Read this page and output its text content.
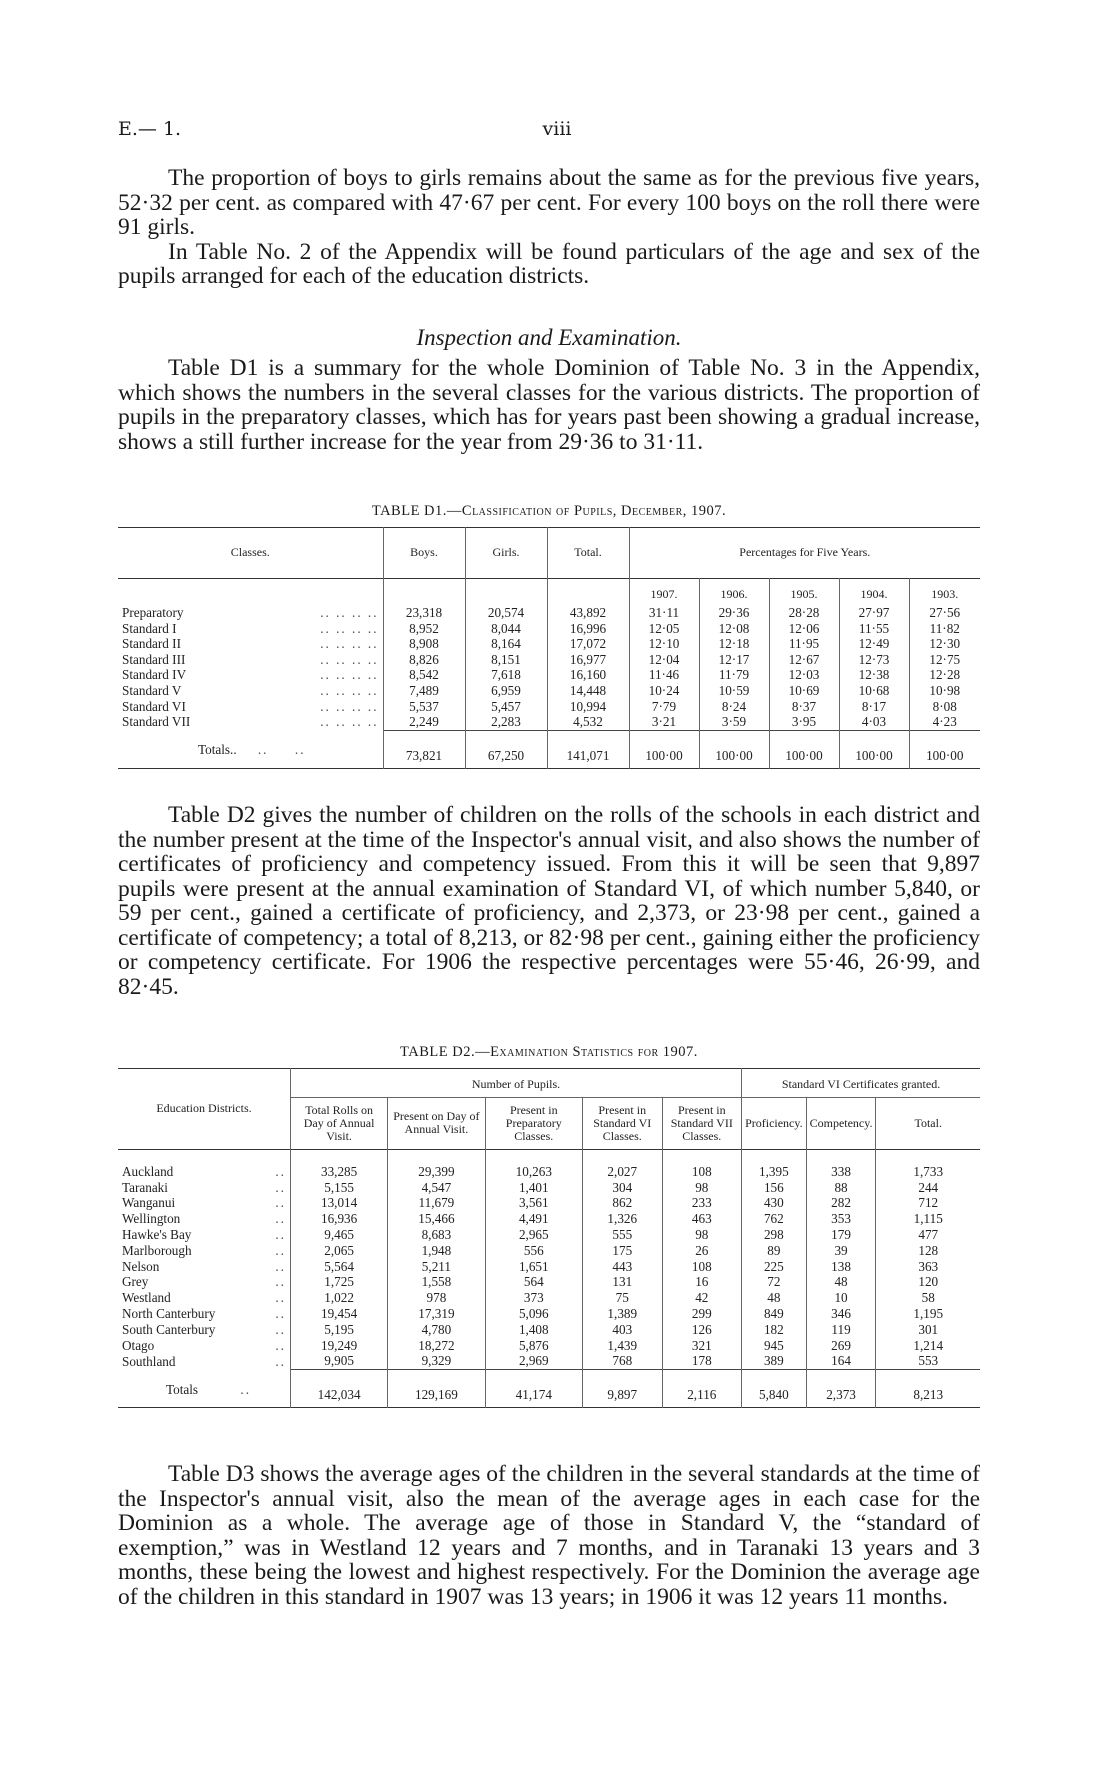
E.— 1.	viii

The proportion of boys to girls remains about the same as for the previous five years, 52·32 per cent. as compared with 47·67 per cent. For every 100 boys on the roll there were 91 girls.

In Table No. 2 of the Appendix will be found particulars of the age and sex of the pupils arranged for each of the education districts.

Inspection and Examination.

Table D1 is a summary for the whole Dominion of Table No. 3 in the Appendix, which shows the numbers in the several classes for the various districts. The proportion of pupils in the preparatory classes, which has for years past been showing a gradual increase, shows a still further increase for the year from 29·36 to 31·11.

TABLE D1.—Classification of Pupils, December, 1907.
Classes.	Boys.	Girls.	Total.	Percentages for Five Years.				
				1907.	1906.	1905.	1904.	1903.
Preparatory .. .. .. ..	23,318	20,574	43,892	31·11	29·36	28·28	27·97	27·56
Standard I .. .. .. ..	8,952	8,044	16,996	12·05	12·08	12·06	11·55	11·82
Standard II .. .. .. ..	8,908	8,164	17,072	12·10	12·18	11·95	12·49	12·30
Standard III .. .. .. ..	8,826	8,151	16,977	12·04	12·17	12·67	12·73	12·75
Standard IV .. .. .. ..	8,542	7,618	16,160	11·46	11·79	12·03	12·38	12·28
Standard V .. .. .. ..	7,489	6,959	14,448	10·24	10·59	10·69	10·68	10·98
Standard VI .. .. .. ..	5,537	5,457	10,994	7·79	8·24	8·37	8·17	8·08
Standard VII .. .. .. ..	2,249	2,283	4,532	3·21	3·59	3·95	4·03	4·23
Totals..    ..     ..	73,821	67,250	141,071	100·00	100·00	100·00	100·00	100·00

Table D2 gives the number of children on the rolls of the schools in each district and the number present at the time of the Inspector's annual visit, and also shows the number of certificates of proficiency and competency issued. From this it will be seen that 9,897 pupils were present at the annual examination of Standard VI, of which number 5,840, or 59 per cent., gained a certificate of proficiency, and 2,373, or 23·98 per cent., gained a certificate of competency; a total of 8,213, or 82·98 per cent., gaining either the proficiency or competency certificate. For 1906 the respective percentages were 55·46, 26·99, and 82·45.

TABLE D2.—Examination Statistics for 1907.
Education Districts.	Number of Pupils.					Standard VI Certificates granted.		
	Total Rolls on Day of Annual Visit.	Present on Day of Annual Visit.	Present in Preparatory Classes.	Present in Standard VI Classes.	Present in Standard VII Classes.	Proficiency.	Competency.	Total.

Auckland ..	33,285	29,399	10,263	2,027	108	1,395	338	1,733
Taranaki ..	5,155	4,547	1,401	304	98	156	88	244
Wanganui ..	13,014	11,679	3,561	862	233	430	282	712
Wellington ..	16,936	15,466	4,491	1,326	463	762	353	1,115
Hawke's Bay ..	9,465	8,683	2,965	555	98	298	179	477
Marlborough ..	2,065	1,948	556	175	26	89	39	128
Nelson ..	5,564	5,211	1,651	443	108	225	138	363
Grey ..	1,725	1,558	564	131	16	72	48	120
Westland ..	1,022	978	373	75	42	48	10	58
North Canterbury ..	19,454	17,319	5,096	1,389	299	849	346	1,195
South Canterbury ..	5,195	4,780	1,408	403	126	182	119	301
Otago ..	19,249	18,272	5,876	1,439	321	945	269	1,214
Southland ..	9,905	9,329	2,969	768	178	389	164	553
Totals        ..	142,034	129,169	41,174	9,897	2,116	5,840	2,373	8,213

Table D3 shows the average ages of the children in the several standards at the time of the Inspector's annual visit, also the mean of the average ages in each case for the Dominion as a whole. The average age of those in Standard V, the “standard of exemption,” was in Westland 12 years and 7 months, and in Taranaki 13 years and 3 months, these being the lowest and highest respectively. For the Dominion the average age of the children in this standard in 1907 was 13 years; in 1906 it was 12 years 11 months.
